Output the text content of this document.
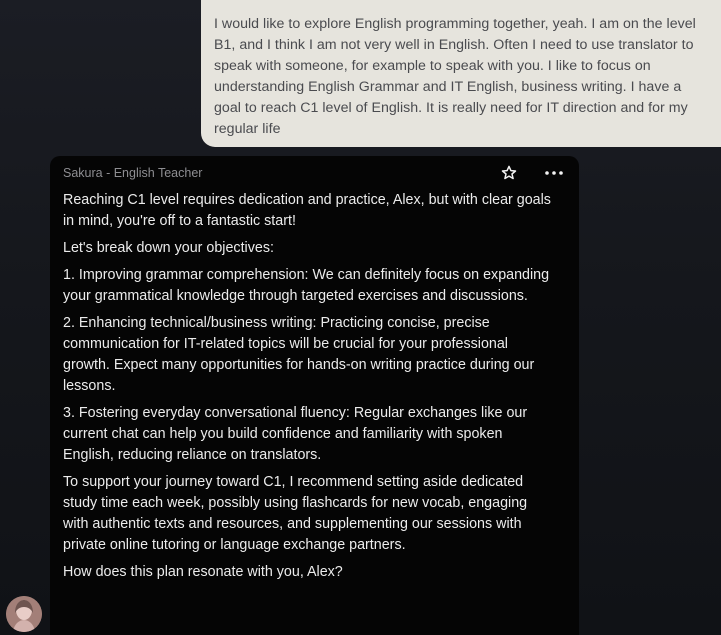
I would like to explore English programming together, yeah. I am on the level B1, and I think I am not very well in English. Often I need to use translator to speak with someone, for example to speak with you. I like to focus on understanding English Grammar and IT English, business writing. I have a goal to reach C1 level of English. It is really need for IT direction and for my regular life
Sakura - English Teacher

Reaching C1 level requires dedication and practice, Alex, but with clear goals in mind, you're off to a fantastic start!

Let's break down your objectives:

1. Improving grammar comprehension: We can definitely focus on expanding your grammatical knowledge through targeted exercises and discussions.

2. Enhancing technical/business writing: Practicing concise, precise communication for IT-related topics will be crucial for your professional growth. Expect many opportunities for hands-on writing practice during our lessons.

3. Fostering everyday conversational fluency: Regular exchanges like our current chat can help you build confidence and familiarity with spoken English, reducing reliance on translators.

To support your journey toward C1, I recommend setting aside dedicated study time each week, possibly using flashcards for new vocab, engaging with authentic texts and resources, and supplementing our sessions with private online tutoring or language exchange partners.

How does this plan resonate with you, Alex?
